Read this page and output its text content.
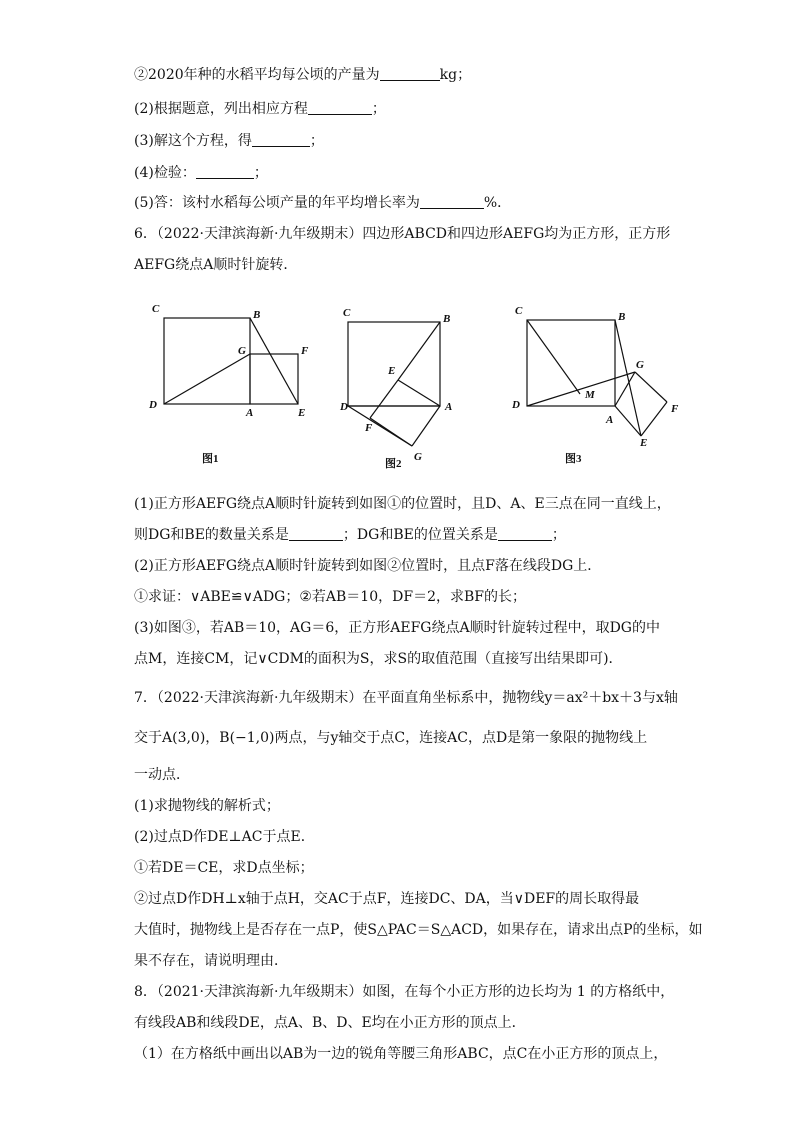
②2020年种的水稻平均每公顷的产量为	kg；
(2)根据题意，列出相应方程	；
(3)解这个方程，得	；
(4)检验：	；
(5)答：该村水稻每公顷产量的年平均增长率为	%．
6．（2022·天津滨海新·九年级期末）四边形ABCD和四边形AEFG均为正方形，正方形
AEFG绕点A顺时针旋转．
C	B
G	F
D
A	E
图1
C	B
E
D	A
F
G
图2
C	B
G
M
D	F
A
E
图3
(1)正方形AEFG绕点A顺时针旋转到如图①的位置时，且D、A、E三点在同一直线上，
则DG和BE的数量关系是	；DG和BE的位置关系是	；
(2)正方形AEFG绕点A顺时针旋转到如图②位置时，且点F落在线段DG上．
①求证：∨ABE≌∨ADG；②若AB＝10，DF＝2，求BF的长；
(3)如图③，若AB＝10，AG＝6，正方形AEFG绕点A顺时针旋转过程中，取DG的中
点M，连接CM，记∨CDM的面积为S，求S的取值范围（直接写出结果即可)．
7．（2022·天津滨海新·九年级期末）在平面直角坐标系中，抛物线y＝ax²＋bx＋3与x轴
交于A(3,0)，B(−1,0)两点，与y轴交于点C，连接AC，点D是第一象限的抛物线上
一动点．
(1)求抛物线的解析式；
(2)过点D作DE⊥AC于点E．
①若DE＝CE，求D点坐标；
②过点D作DH⊥x轴于点H，交AC于点F，连接DC、DA，当∨DEF的周长取得最
大值时，抛物线上是否存在一点P，使S△PAC＝S△ACD，如果存在，请求出点P的坐标，如
果不存在，请说明理由．
8．（2021·天津滨海新·九年级期末）如图，在每个小正方形的边长均为 1 的方格纸中，
有线段AB和线段DE，点A、B、D、E均在小正方形的顶点上．
（1）在方格纸中画出以AB为一边的锐角等腰三角形ABC，点C在小正方形的顶点上，
